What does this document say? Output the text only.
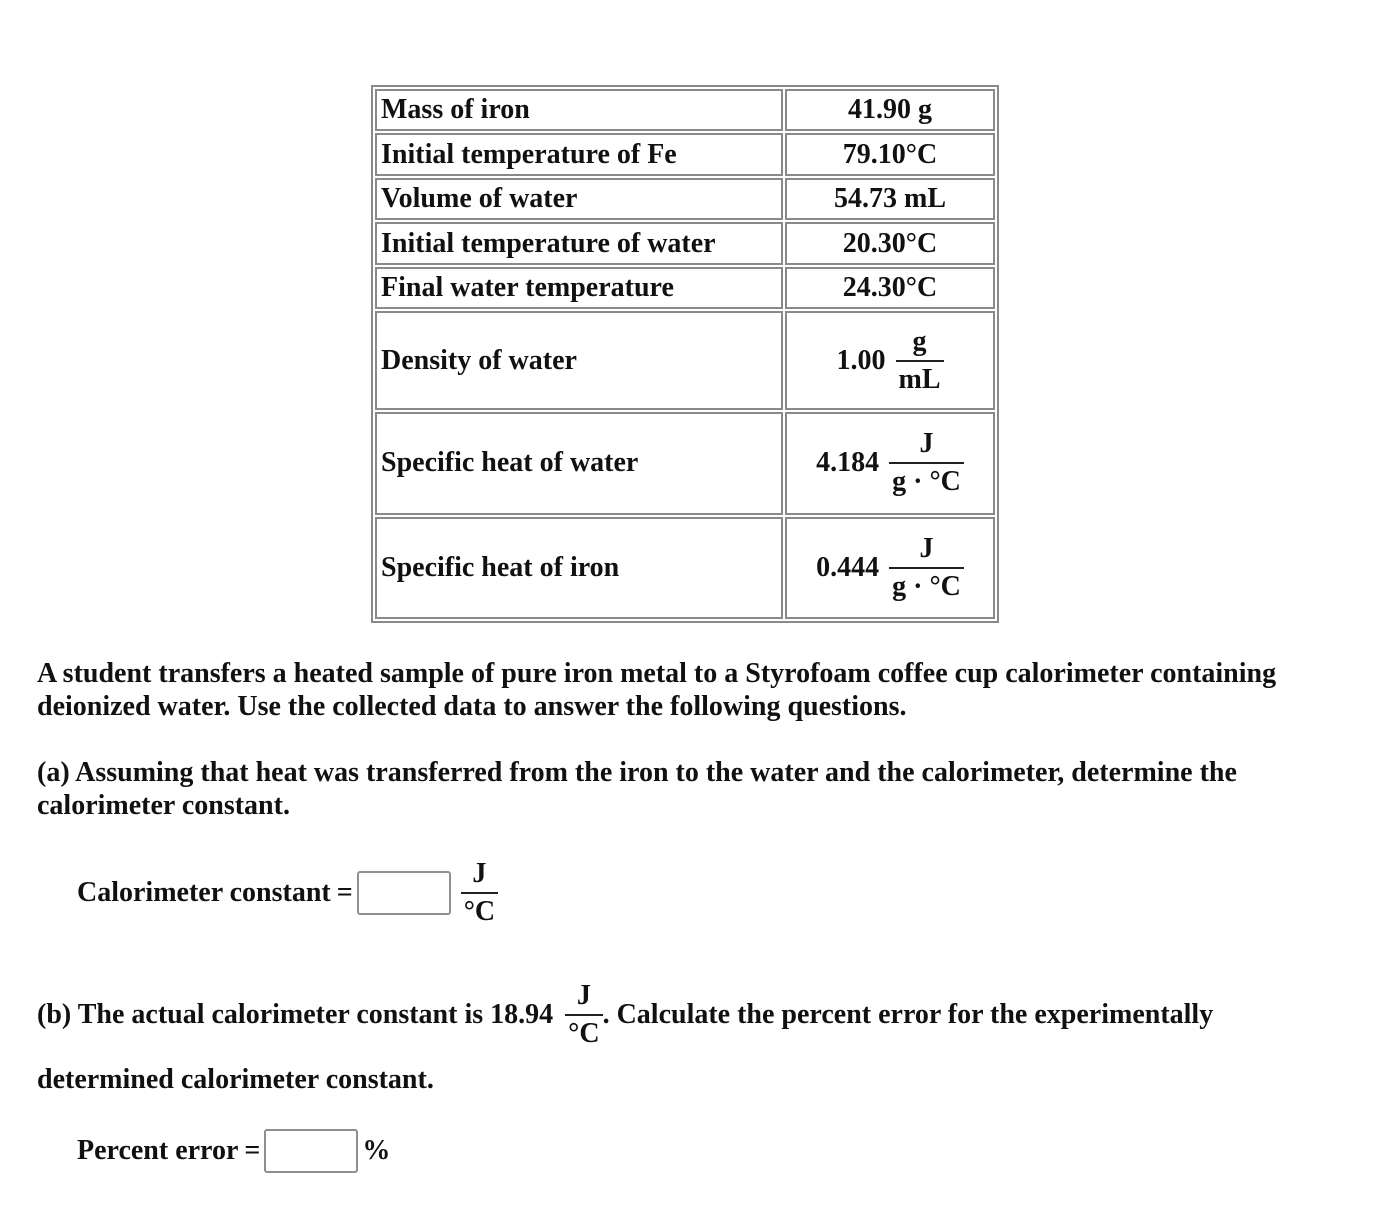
Mass of iron	41.90 g
Initial temperature of Fe	79.10°C
Volume of water	54.73 mL
Initial temperature of water	20.30°C
Final water temperature	24.30°C
Density of water	$1.00 \frac{g}{mL}$

Specific heat of water	$4.184 \frac{J}{g \cdot ^\circ C}$

Specific heat of iron	$0.444 \frac{J}{g \cdot ^\circ C}$

A student transfers a heated sample of pure iron metal to a Styrofoam coffee cup calorimeter containing deionized water. Use the collected data to answer the following questions.

(a) Assuming that heat was transferred from the iron to the water and the calorimeter, determine the calorimeter constant.

Calorimeter constant =	$\frac{J}{^\circ C}$
(b) The actual calorimeter constant is $18.94 \frac{J}{^\circ C}$ . Calculate the percent error for the experimentally

determined calorimeter constant.

Percent error =	%
